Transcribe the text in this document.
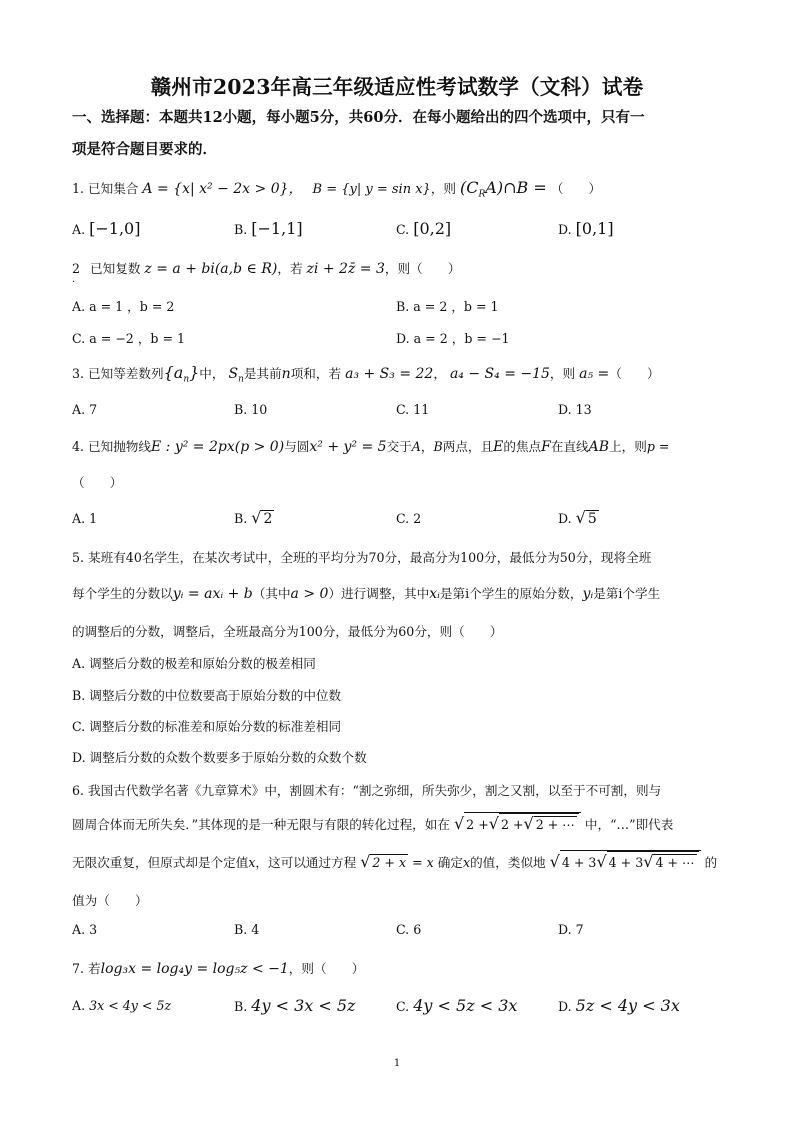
赣州市2023年高三年级适应性考试数学（文科）试卷
一、选择题：本题共12小题，每小题5分，共60分．在每小题给出的四个选项中，只有一
项是符合题目要求的．
1. 已知集合 A = {x| x² − 2x > 0}， B = {y| y = sin x}，则 $(C_RA)\cap B$ = （　　）
A. [−1,0]	B. [−1,1]	C. [0,2]	D. [0,1]
2 已知复数 z = a + bi(a,b ∈ R)，若 zi + 2z̄ = 3，则（　　）
.
A. a = 1 ，b = 2	B. a = 2 ，b = 1
C. a = −2 ，b = 1	D. a = 2 ，b = −1
3. 已知等差数列$\{a_n\}$中， $S_n$是其前n项和，若 a₃ + S₃ = 22， a₄ − S₄ = −15，则 a₅ =（　　）
A. 7	B. 10	C. 11	D. 13
4. 已知抛物线E : y² = 2px(p > 0)与圆x² + y² = 5交于A，B两点，且E的焦点F在直线AB上，则p =
（　　）
A. 1	B. √ 2	C. 2	D. √ 5
5. 某班有40名学生，在某次考试中，全班的平均分为70分，最高分为100分，最低分为50分，现将全班
每个学生的分数以yᵢ = axᵢ + b（其中a > 0）进行调整，其中xᵢ是第i个学生的原始分数，yᵢ是第i个学生
的调整后的分数，调整后，全班最高分为100分，最低分为60分，则（　　）
A. 调整后分数的极差和原始分数的极差相同
B. 调整后分数的中位数要高于原始分数的中位数
C. 调整后分数的标准差和原始分数的标准差相同
D. 调整后分数的众数个数要多于原始分数的众数个数
6. 我国古代数学名著《九章算术》中，割圆术有：“割之弥细，所失弥少，割之又割，以至于不可割，则与
圆周合体而无所失矣．”其体现的是一种无限与有限的转化过程，如在 √ 2 +√ 2 +√ 2 + ⋯ 中，“…”即代表
无限次重复，但原式却是个定值x，这可以通过方程 √ 2 + x = x 确定x的值，类似地 √ 4 + 3√ 4 + 3√ 4 + ⋯ 的
值为（　　）
A. 3	B. 4	C. 6	D. 7
7. 若log₃x = log₄y = log₅z < −1，则（　　）
A. 3x < 4y < 5z	B. 4y < 3x < 5z	C. 4y < 5z < 3x	D. 5z < 4y < 3x
1
